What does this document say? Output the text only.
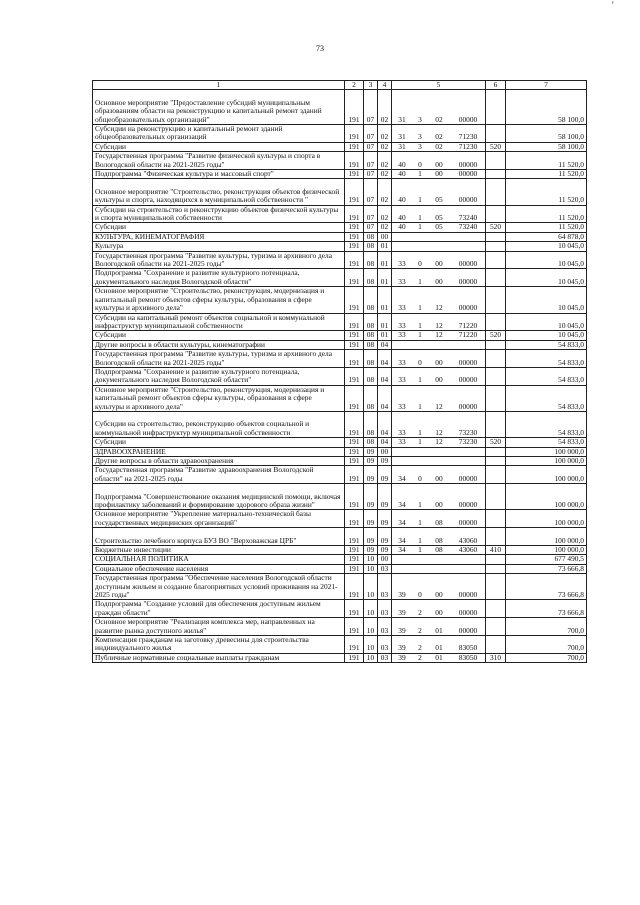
73
'
1	2	3	4	5	6	7
Основное мероприятие "Предоставление субсидий муниципальным образованиям области на реконструкцию и капитальный ремонт зданий общеобразовательных организаций"	191	07	02	31 3 02 00000		58 100,0
Субсидии на реконструкцию и капитальный ремонт зданий общеобразовательных организаций	191	07	02	31 3 02 71230		58 100,0
Субсидии	191	07	02	31 3 02 71230	520	58 100,0
Государственная программа "Развитие физической культуры и спорта в Вологодской области на 2021-2025 годы"	191	07	02	40 0 00 00000		11 520,0
Подпрограмма "Физическая культура и массовый спорт"	191	07	02	40 1 00 00000		11 520,0
Основное мероприятие "Строительство, реконструкция объектов физической культуры и спорта, находящихся в муниципальной собственности "	191	07	02	40 1 05 00000		11 520,0
Субсидии на строительство и реконструкцию объектов физической культуры и спорта муниципальной собственности	191	07	02	40 1 05 73240		11 520,0
Субсидии	191	07	02	40 1 05 73240	520	11 520,0
КУЛЬТУРА, КИНЕМАТОГРАФИЯ	191	08	00			64 878,0
Культура	191	08	01			10 045,0
Государственная программа "Развитие культуры, туризма и архивного дела Вологодской области на 2021-2025 годы"	191	08	01	33 0 00 00000		10 045,0
Подпрограмма "Сохранение и развитие культурного потенциала, документального наследия Вологодской области"	191	08	01	33 1 00 00000		10 045,0
Основное мероприятие "Строительство, реконструкция, модернизация и капитальный ремонт объектов сферы культуры, образования в сфере культуры и архивного дела"	191	08	01	33 1 12 00000		10 045,0
Субсидии на капитальный ремонт объектов социальной и коммунальной инфраструктур муниципальной собственности	191	08	01	33 1 12 71220		10 045,0
Субсидии	191	08	01	33 1 12 71220	520	10 045,0
Другие вопросы в области культуры, кинематографии	191	08	04			54 833,0
Государственная программа "Развитие культуры, туризма и архивного дела Вологодской области на 2021-2025 годы"	191	08	04	33 0 00 00000		54 833,0
Подпрограмма "Сохранение и развитие культурного потенциала, документального наследия Вологодской области"	191	08	04	33 1 00 00000		54 833,0
Основное мероприятие "Строительство, реконструкция, модернизация и капитальный ремонт объектов сферы культуры, образования в сфере культуры и архивного дела"	191	08	04	33 1 12 00000		54 833,0
Субсидии на строительство, реконструкцию объектов социальной и коммунальной инфраструктур муниципальной собственности	191	08	04	33 1 12 73230		54 833,0
Субсидии	191	08	04	33 1 12 73230	520	54 833,0
ЗДРАВООХРАНЕНИЕ	191	09	00			100 000,0
Другие вопросы в области здравоохранения	191	09	09			100 000,0
Государственная программа "Развитие здравоохранения Вологодской области" на 2021-2025 годы	191	09	09	34 0 00 00000		100 000,0
Подпрограмма "Совершенствование оказания медицинской помощи, включая профилактику заболеваний и формирование здорового образа жизни"	191	09	09	34 1 00 00000		100 000,0
Основное мероприятие "Укрепление материально-технической базы государственных медицинских организаций"	191	09	09	34 1 08 00000		100 000,0
Строительство лечебного корпуса БУЗ ВО "Верховажская ЦРБ"	191	09	09	34 1 08 43060		100 000,0
Бюджетные инвестиции	191	09	09	34 1 08 43060	410	100 000,0
СОЦИАЛЬНАЯ ПОЛИТИКА	191	10	00			677 490,5
Социальное обеспечение населения	191	10	03			73 666,8
Государственная программа "Обеспечение населения Вологодской области доступным жильем и создание благоприятных условий проживания на 2021-2025 годы"	191	10	03	39 0 00 00000		73 666,8
Подпрограмма "Создание условий для обеспечения доступным жильем граждан области"	191	10	03	39 2 00 00000		73 666,8
Основное мероприятие "Реализация комплекса мер, направленных на развитие рынка доступного жилья"	191	10	03	39 2 01 00000		700,0
Компенсация гражданам на заготовку древесины для строительства индивидуального жилья	191	10	03	39 2 01 83050		700,0
Публичные нормативные социальные выплаты гражданам	191	10	03	39 2 01 83050	310	700,0
